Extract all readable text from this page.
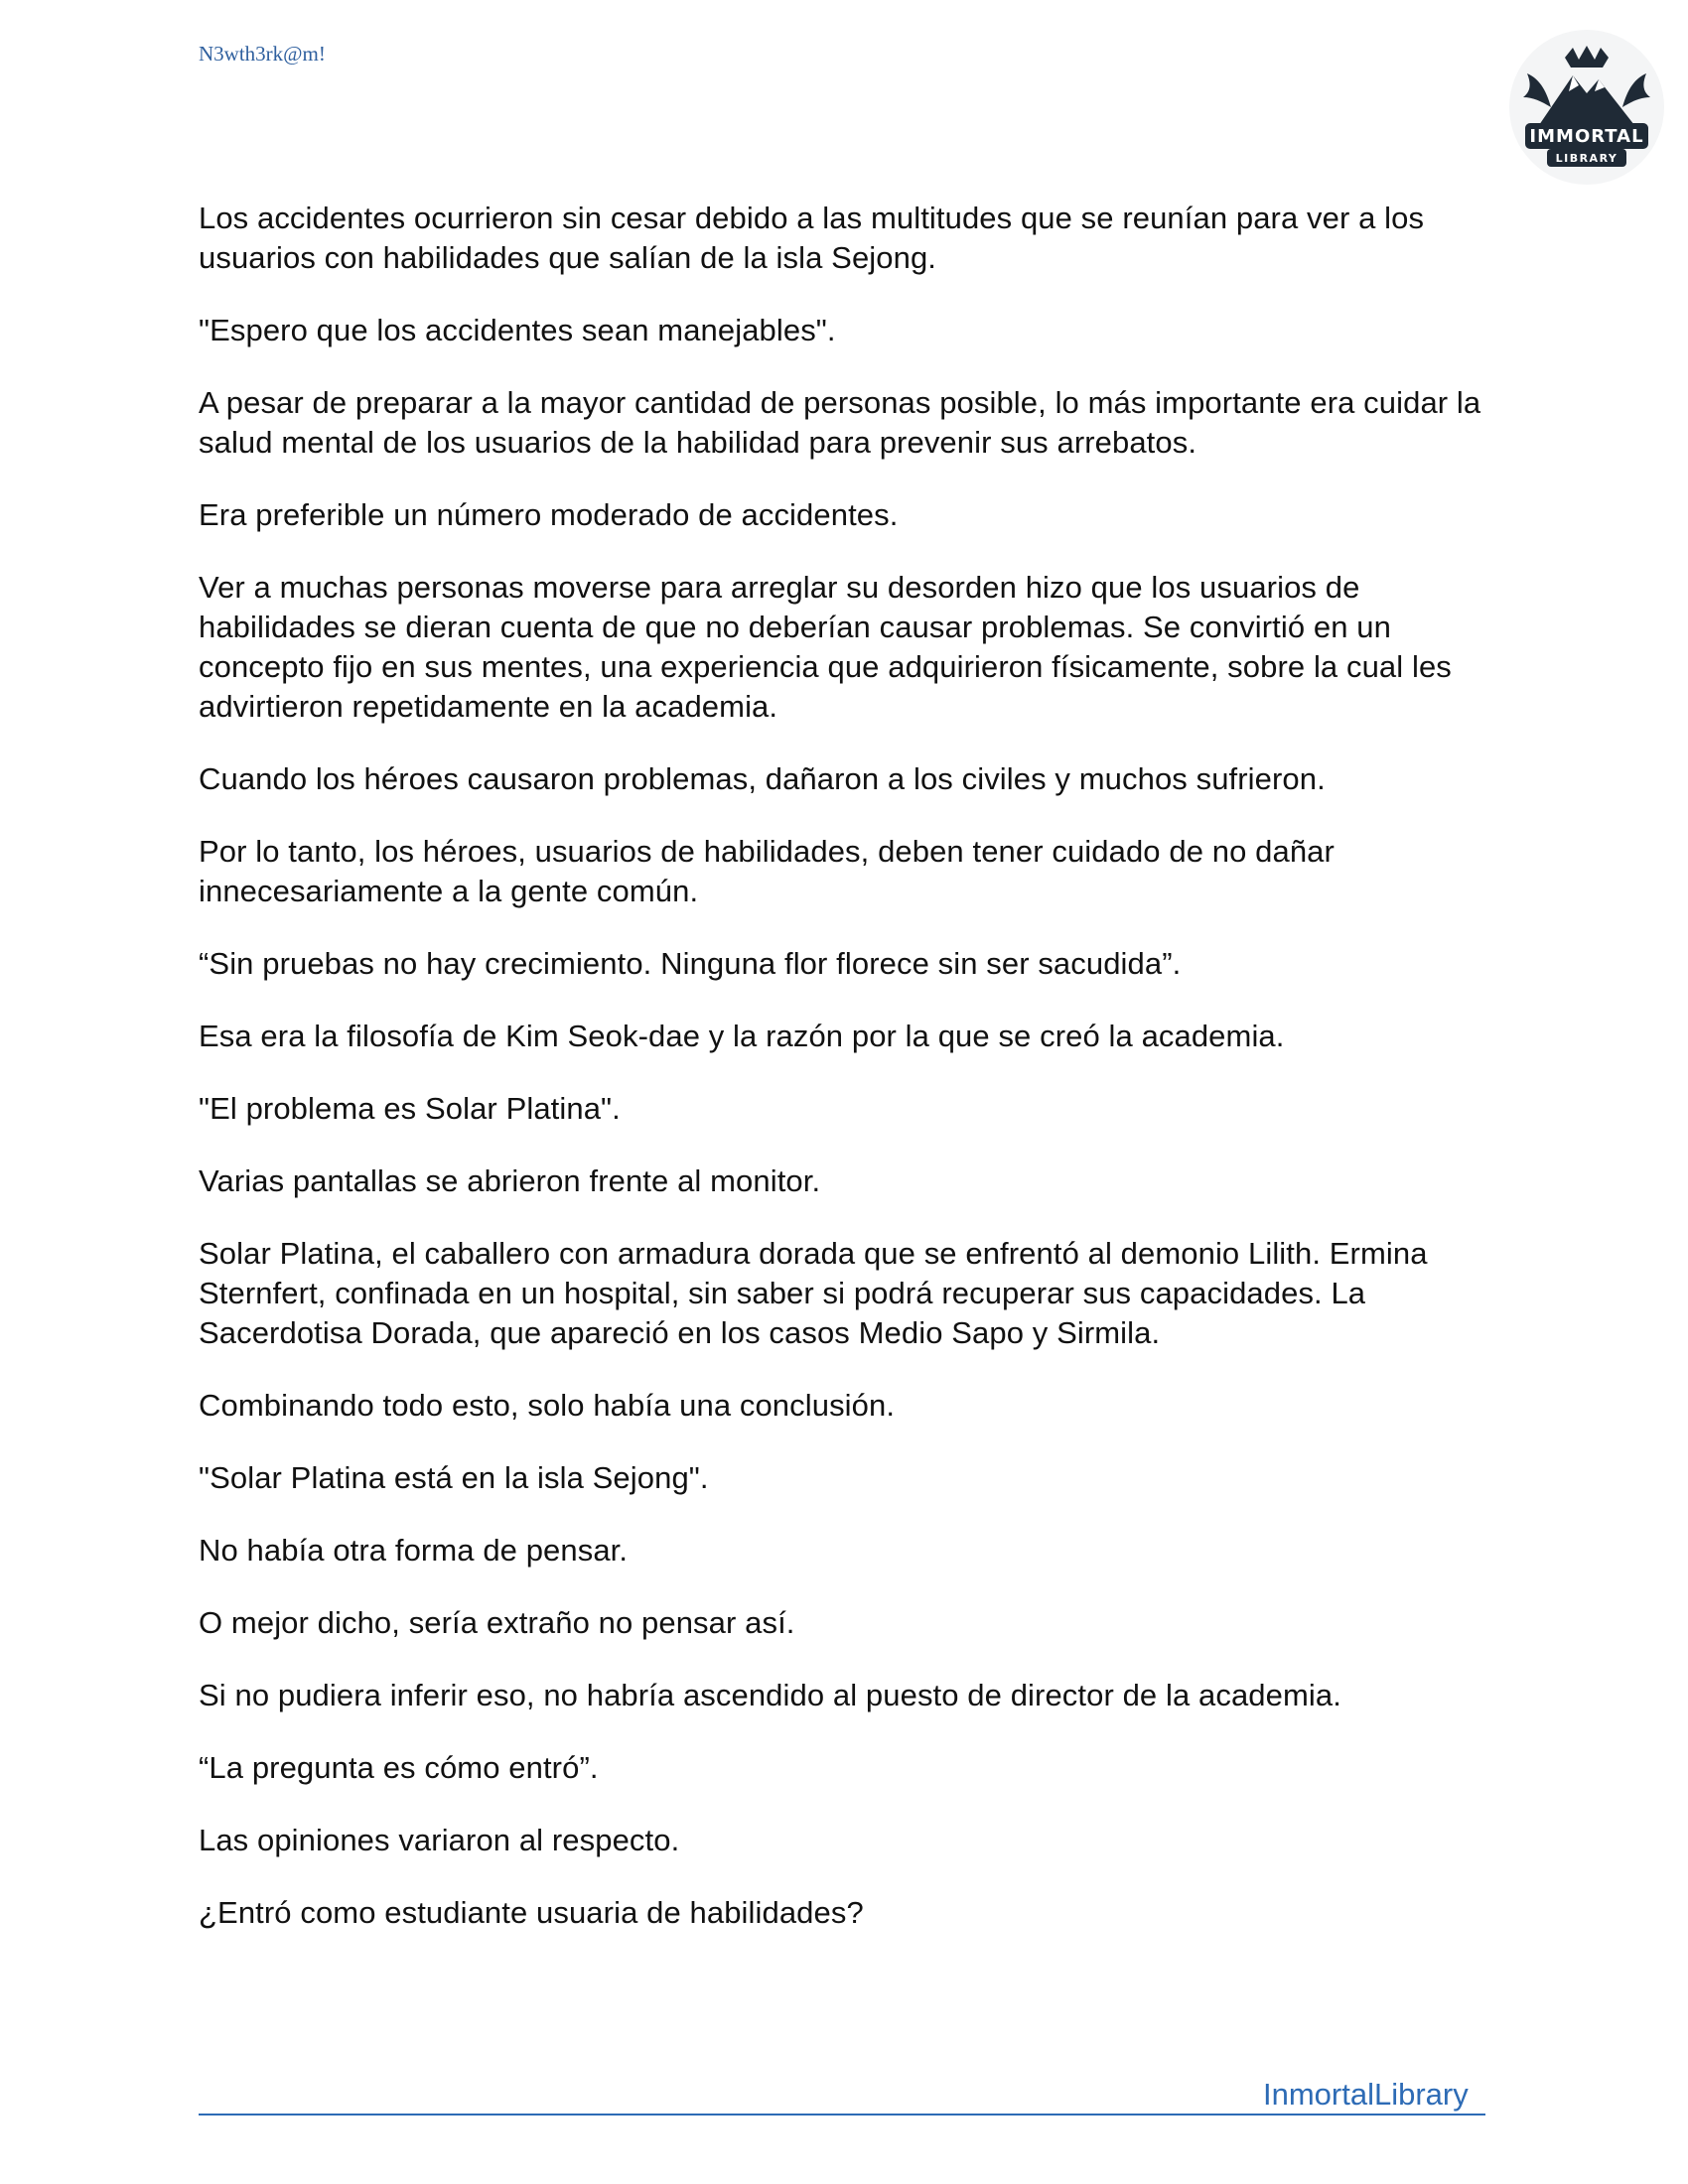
N3wth3rk@m!
IMMORTAL
LIBRARY

Los accidentes ocurrieron sin cesar debido a las multitudes que se reunían para ver a los usuarios con habilidades que salían de la isla Sejong.

"Espero que los accidentes sean manejables".

A pesar de preparar a la mayor cantidad de personas posible, lo más importante era cuidar la salud mental de los usuarios de la habilidad para prevenir sus arrebatos.

Era preferible un número moderado de accidentes.

Ver a muchas personas moverse para arreglar su desorden hizo que los usuarios de habilidades se dieran cuenta de que no deberían causar problemas. Se convirtió en un concepto fijo en sus mentes, una experiencia que adquirieron físicamente, sobre la cual les advirtieron repetidamente en la academia.

Cuando los héroes causaron problemas, dañaron a los civiles y muchos sufrieron.

Por lo tanto, los héroes, usuarios de habilidades, deben tener cuidado de no dañar innecesariamente a la gente común.

“Sin pruebas no hay crecimiento. Ninguna flor florece sin ser sacudida”.

Esa era la filosofía de Kim Seok-dae y la razón por la que se creó la academia.

"El problema es Solar Platina".

Varias pantallas se abrieron frente al monitor.

Solar Platina, el caballero con armadura dorada que se enfrentó al demonio Lilith. Ermina Sternfert, confinada en un hospital, sin saber si podrá recuperar sus capacidades. La Sacerdotisa Dorada, que apareció en los casos Medio Sapo y Sirmila.

Combinando todo esto, solo había una conclusión.

"Solar Platina está en la isla Sejong".

No había otra forma de pensar.

O mejor dicho, sería extraño no pensar así.

Si no pudiera inferir eso, no habría ascendido al puesto de director de la academia.

“La pregunta es cómo entró”.

Las opiniones variaron al respecto.

¿Entró como estudiante usuaria de habilidades?

InmortalLibrary
